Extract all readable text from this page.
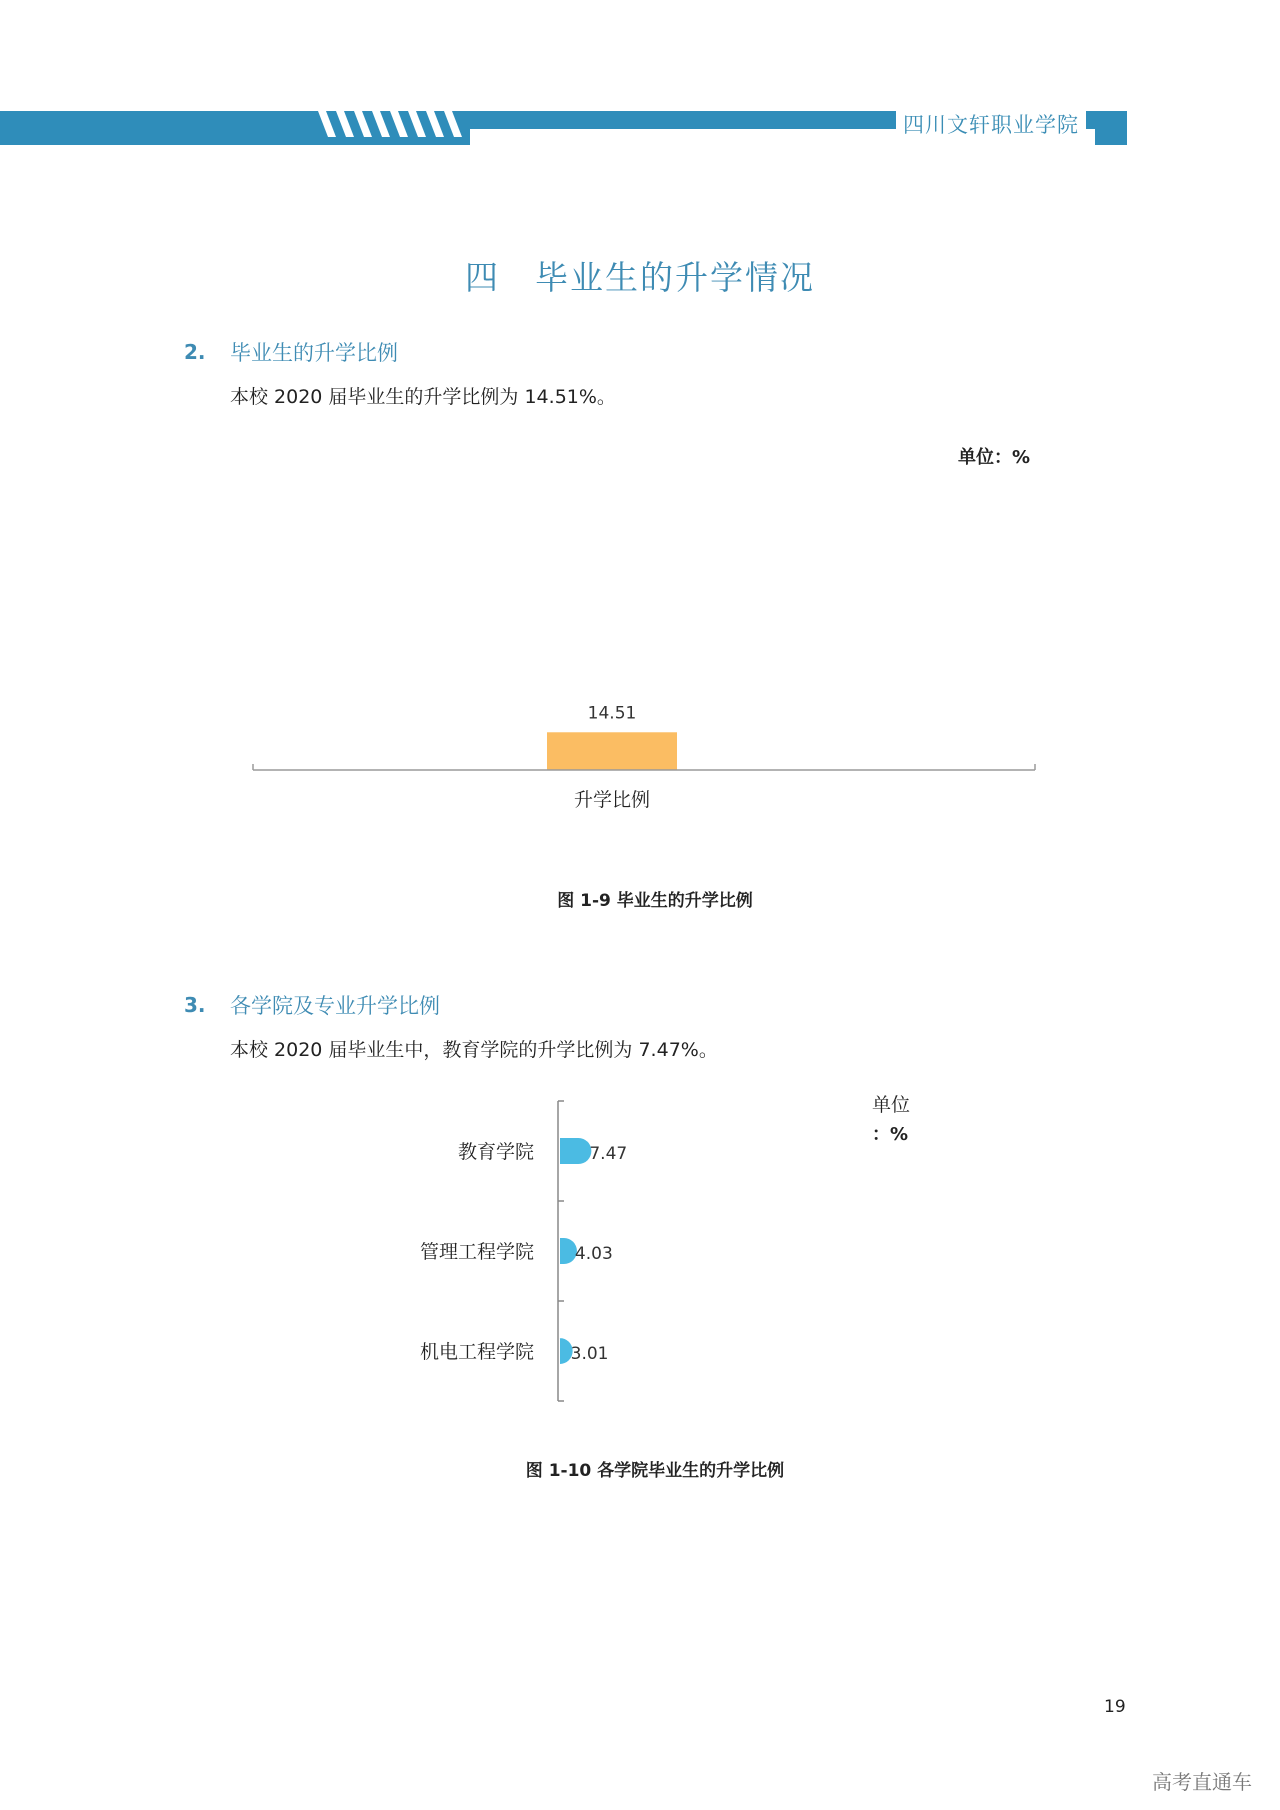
四川文轩职业学院
四　毕业生的升学情况
2. 毕业生的升学比例
本校 2020 届毕业生的升学比例为 14.51%。
单位：%
14.51
升学比例
图 1-9 毕业生的升学比例
3. 各学院及专业升学比例
本校 2020 届毕业生中，教育学院的升学比例为 7.47%。
单位
：%
7.47
教育学院
4.03
管理工程学院
3.01
机电工程学院
图 1-10 各学院毕业生的升学比例
19
高考直通车
